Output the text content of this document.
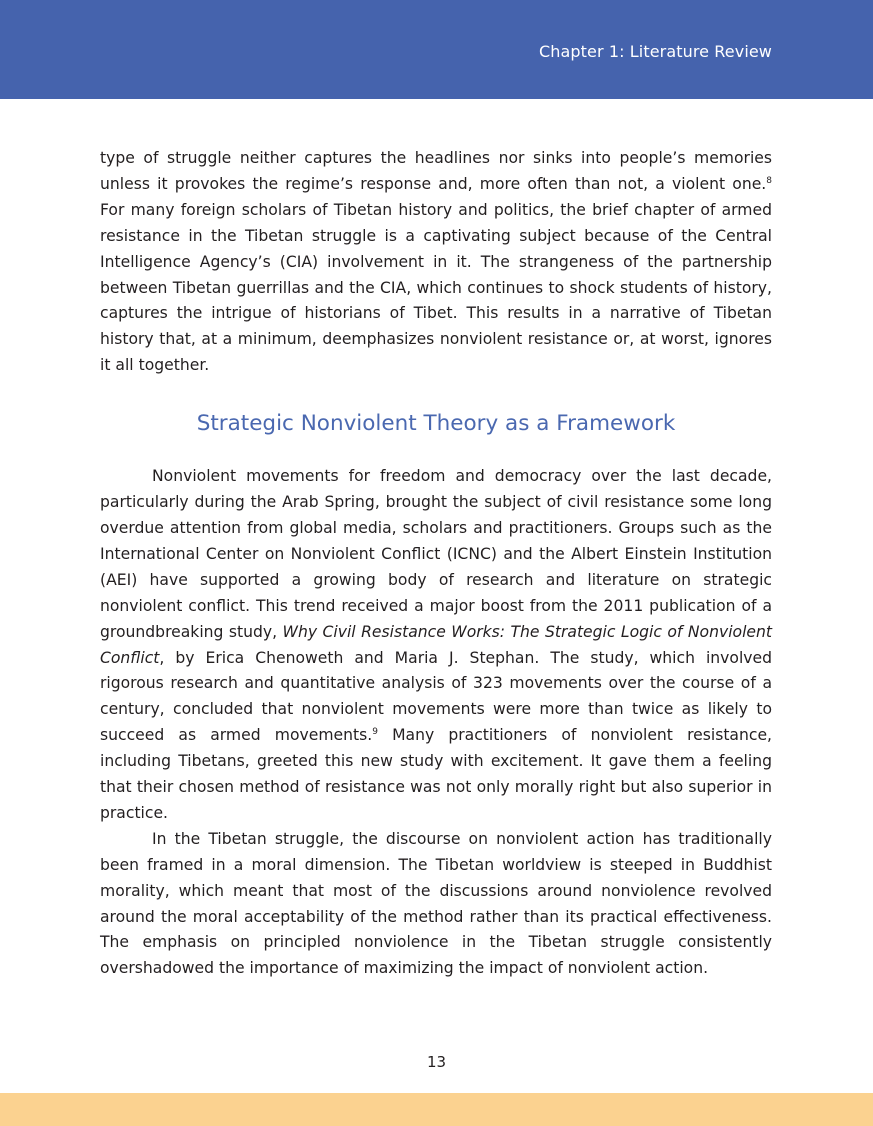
Chapter 1: Literature Review

type of struggle neither captures the headlines nor sinks into people’s memories unless it provokes the regime’s response and, more often than not, a violent one.$^8$ For many foreign scholars of Tibetan history and politics, the brief chapter of armed resistance in the Tibetan struggle is a captivating subject because of the Central Intelligence Agency’s (CIA) involvement in it. The strangeness of the partnership between Tibetan guerrillas and the CIA, which continues to shock students of history, captures the intrigue of historians of Tibet. This results in a narrative of Tibetan history that, at a minimum, deemphasizes nonviolent resistance or, at worst, ignores it all together.

Strategic Nonviolent Theory as a Framework

Nonviolent movements for freedom and democracy over the last decade, particularly during the Arab Spring, brought the subject of civil resistance some long overdue attention from global media, scholars and practitioners. Groups such as the International Center on Nonviolent Conflict (ICNC) and the Albert Einstein Institution (AEI) have supported a growing body of research and literature on strategic nonviolent conflict. This trend received a major boost from the 2011 publication of a groundbreaking study, Why Civil Resistance Works: The Strategic Logic of Nonviolent Conflict, by Erica Chenoweth and Maria J. Stephan. The study, which involved rigorous research and quantitative analysis of 323 movements over the course of a century, concluded that nonviolent movements were more than twice as likely to succeed as armed movements.$^9$ Many practitioners of nonviolent resistance, including Tibetans, greeted this new study with excitement. It gave them a feeling that their chosen method of resistance was not only morally right but also superior in practice.

In the Tibetan struggle, the discourse on nonviolent action has traditionally been framed in a moral dimension. The Tibetan worldview is steeped in Buddhist morality, which meant that most of the discussions around nonviolence revolved around the moral acceptability of the method rather than its practical effectiveness. The emphasis on principled nonviolence in the Tibetan struggle consistently overshadowed the importance of maximizing the impact of nonviolent action.

13
